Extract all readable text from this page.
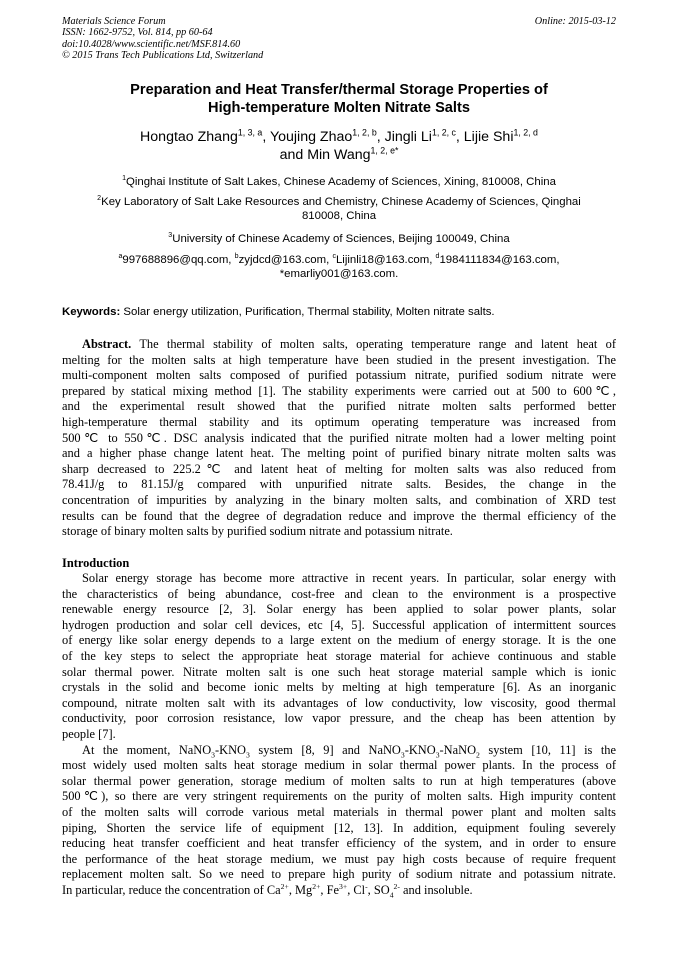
Materials Science Forum
ISSN: 1662-9752, Vol. 814, pp 60-64
doi:10.4028/www.scientific.net/MSF.814.60
© 2015 Trans Tech Publications Ltd, Switzerland
Online: 2015-03-12
Preparation and Heat Transfer/thermal Storage Properties of
High-temperature Molten Nitrate Salts
Hongtao Zhang$^{1, 3, a}$, Youjing Zhao$^{1, 2, b}$, Jingli Li$^{1, 2, c}$, Lijie Shi$^{1, 2, d}$
and Min Wang$^{1, 2, e*}$
$^1$Qinghai Institute of Salt Lakes, Chinese Academy of Sciences, Xining, 810008, China
$^2$Key Laboratory of Salt Lake Resources and Chemistry, Chinese Academy of Sciences, Qinghai
810008, China
$^3$University of Chinese Academy of Sciences, Beijing 100049, China
$^a$997688896@qq.com, $^b$zyjdcd@163.com, $^c$Lijinli18@163.com, $^d$1984111834@163.com,
*emarliy001@163.com.
Keywords: Solar energy utilization, Purification, Thermal stability, Molten nitrate salts.
Abstract. The thermal stability of molten salts, operating temperature range and latent heat of
melting for the molten salts at high temperature have been studied in the present investigation. The
multi-component molten salts composed of purified potassium nitrate, purified sodium nitrate were
prepared by statical mixing method [1]. The stability experiments were carried out at 500 to 600℃,
and the experimental result showed that the purified nitrate molten salts performed better
high-temperature thermal stability and its optimum operating temperature was increased from
500℃ to 550℃. DSC analysis indicated that the purified nitrate molten had a lower melting point
and a higher phase change latent heat. The melting point of purified binary nitrate molten salts was
sharp decreased to 225.2℃ and latent heat of melting for molten salts was also reduced from
78.41J/g to 81.15J/g compared with unpurified nitrate salts. Besides, the change in the
concentration of impurities by analyzing in the binary molten salts, and combination of XRD test
results can be found that the degree of degradation reduce and improve the thermal efficiency of the
storage of binary molten salts by purified sodium nitrate and potassium nitrate.
Introduction
Solar energy storage has become more attractive in recent years. In particular, solar energy with
the characteristics of being abundance, cost-free and clean to the environment is a prospective
renewable energy resource [2, 3]. Solar energy has been applied to solar power plants, solar
hydrogen production and solar cell devices, etc [4, 5]. Successful application of intermittent sources
of energy like solar energy depends to a large extent on the medium of energy storage. It is the one
of the key steps to select the appropriate heat storage material for achieve continuous and stable
solar thermal power. Nitrate molten salt is one such heat storage material sample which is ionic
crystals in the solid and become ionic melts by melting at high temperature [6]. As an inorganic
compound, nitrate molten salt with its advantages of low conductivity, low viscosity, good thermal
conductivity, poor corrosion resistance, low vapor pressure, and the cheap has been attention by
people [7].
At the moment, $NaNO_3-KNO_3$ system [8, 9] and $NaNO_3-KNO_3-NaNO_2$ system [10, 11] is the
most widely used molten salts heat storage medium in solar thermal power plants. In the process of
solar thermal power generation, storage medium of molten salts to run at high temperatures (above
500℃), so there are very stringent requirements on the purity of molten salts. High impurity content
of the molten salts will corrode various metal materials in thermal power plant and molten salts
piping, Shorten the service life of equipment [12, 13]. In addition, equipment fouling severely
reducing heat transfer coefficient and heat transfer efficiency of the system, and in order to ensure
the performance of the heat storage medium, we must pay high costs because of require frequent
replacement molten salt. So we need to prepare high purity of sodium nitrate and potassium nitrate.
In particular, reduce the concentration of $Ca^{2+}$, $Mg^{2+}$, $Fe^{3+}$, Cl-, $SO_4^{2-}$ and insoluble.
